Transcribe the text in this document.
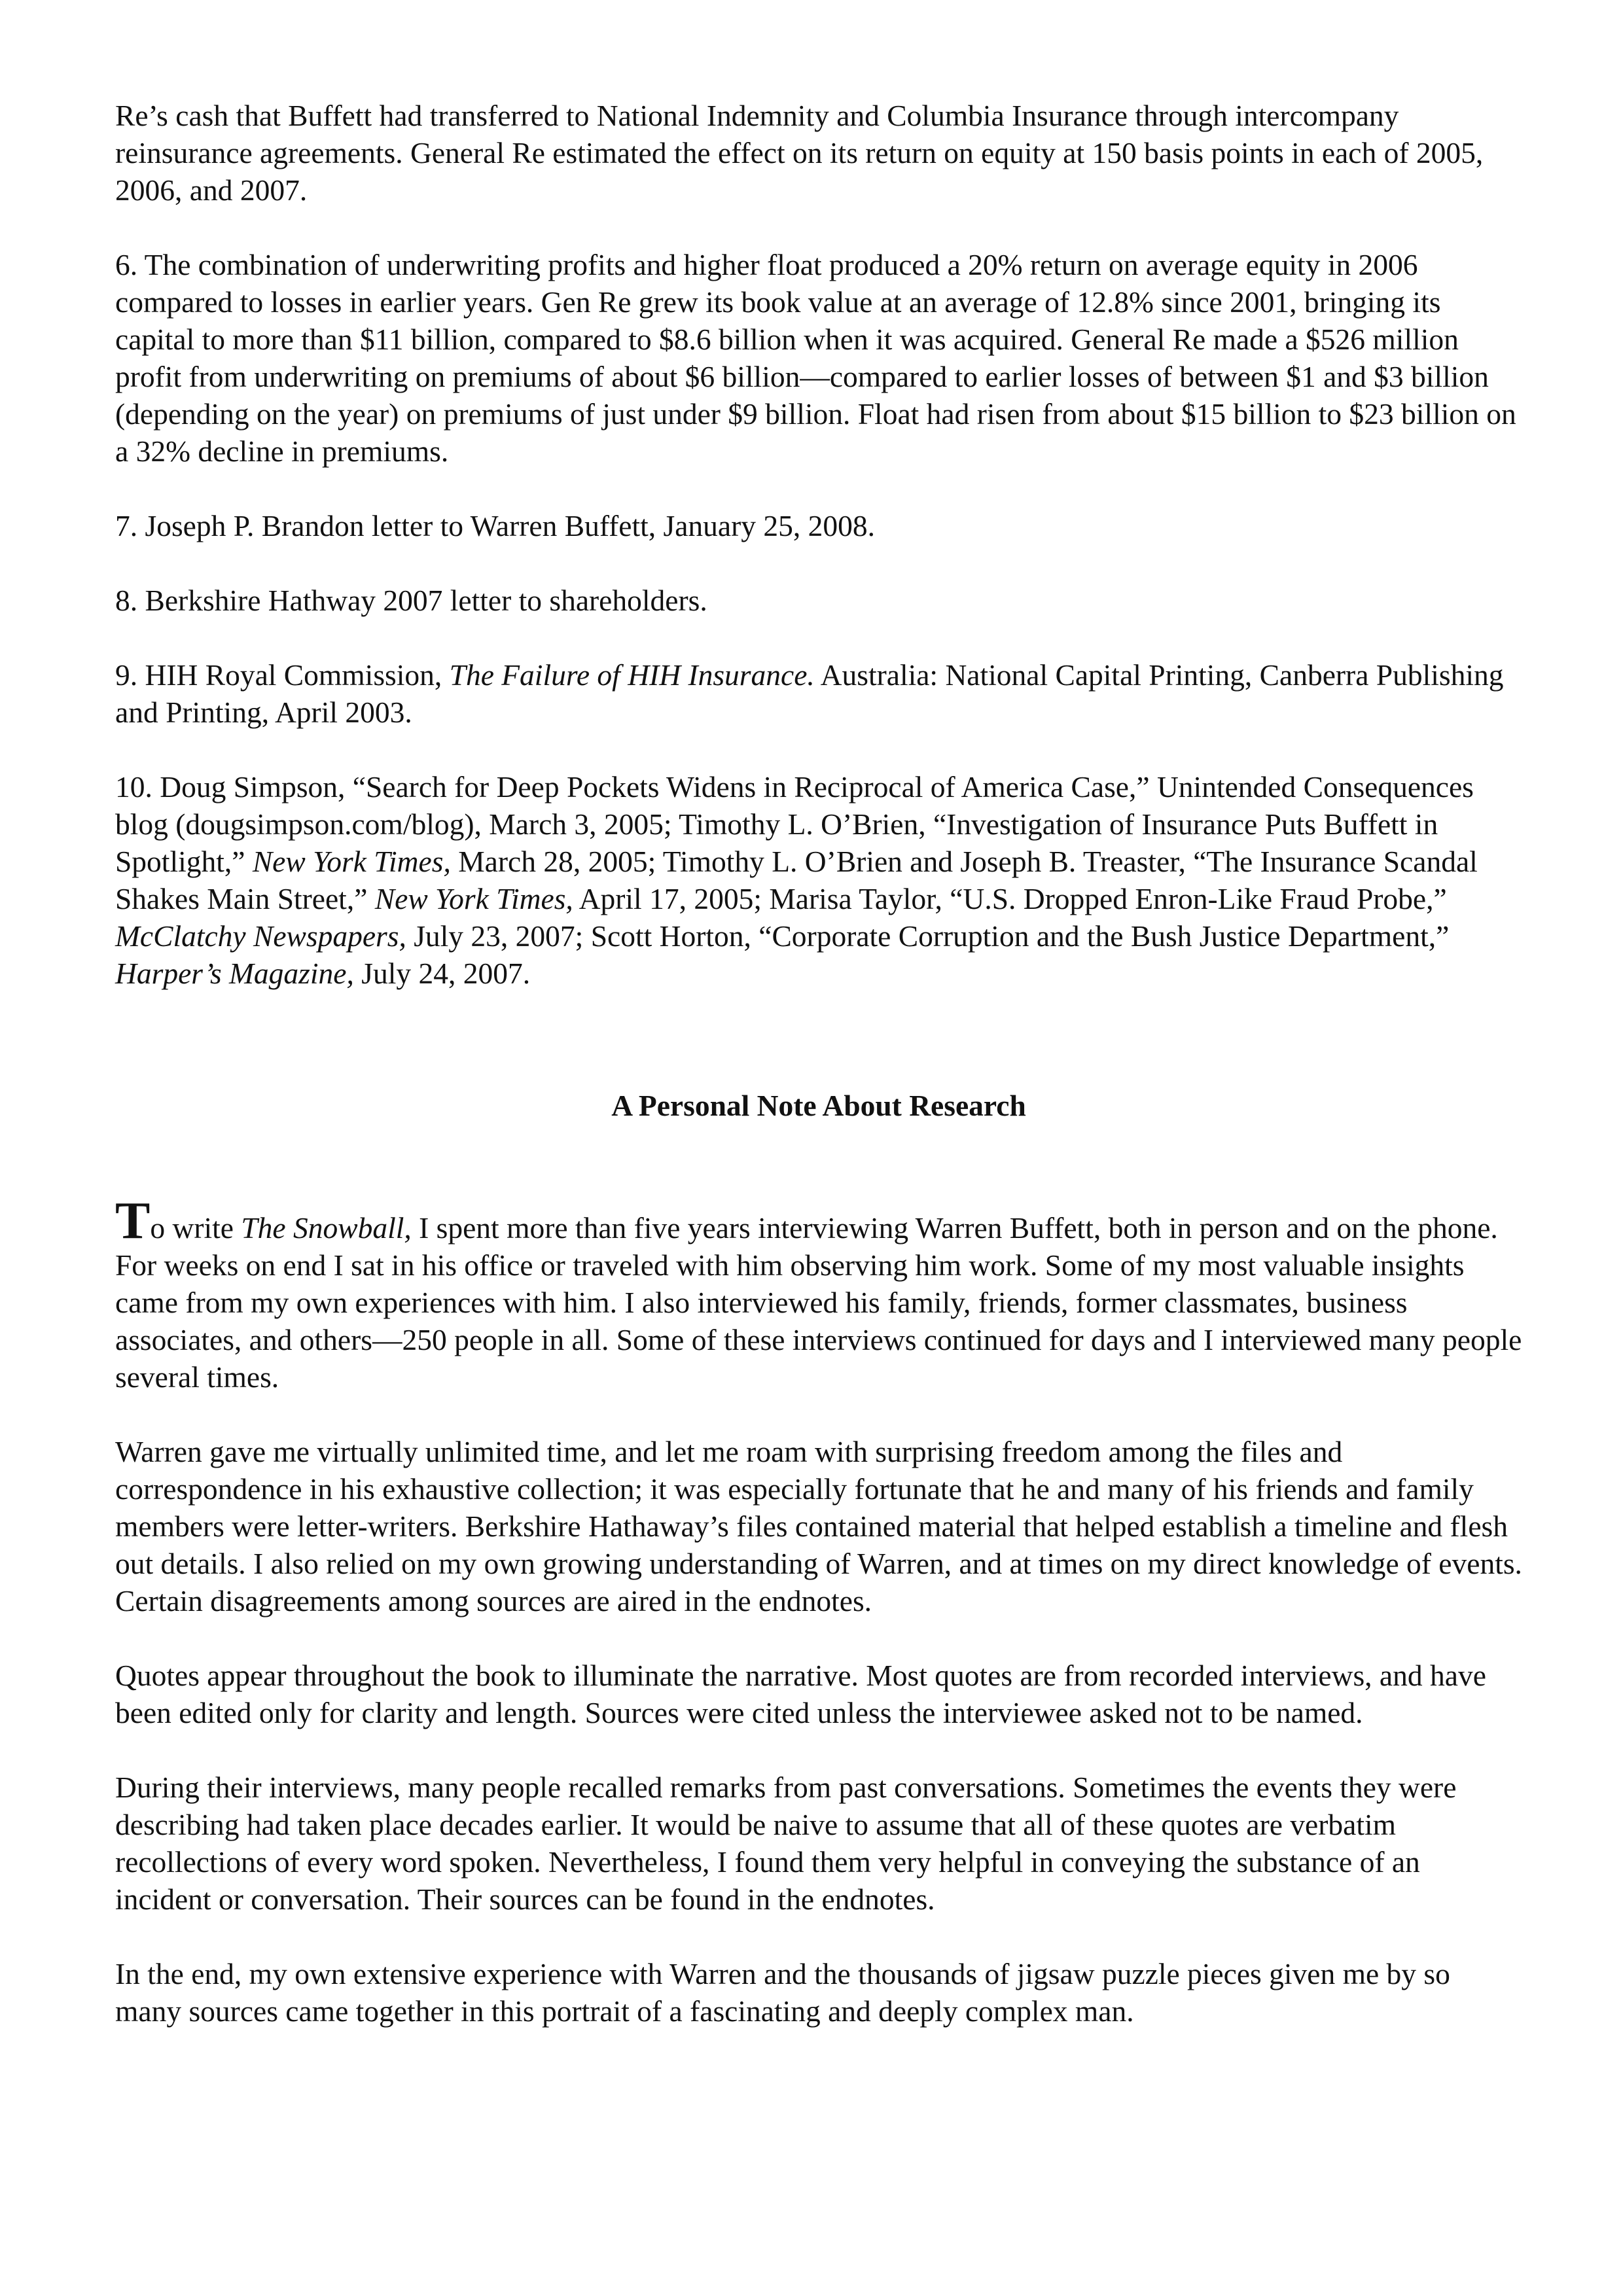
Re’s cash that Buffett had transferred to National Indemnity and Columbia Insurance through intercompany reinsurance agreements. General Re estimated the effect on its return on equity at 150 basis points in each of 2005, 2006, and 2007.

6. The combination of underwriting profits and higher float produced a 20% return on average equity in 2006 compared to losses in earlier years. Gen Re grew its book value at an average of 12.8% since 2001, bringing its capital to more than $11 billion, compared to $8.6 billion when it was acquired. General Re made a $526 million profit from underwriting on premiums of about $6 billion—compared to earlier losses of between $1 and $3 billion (depending on the year) on premiums of just under $9 billion. Float had risen from about $15 billion to $23 billion on a 32% decline in premiums.

7. Joseph P. Brandon letter to Warren Buffett, January 25, 2008.

8. Berkshire Hathway 2007 letter to shareholders.

9. HIH Royal Commission, The Failure of HIH Insurance. Australia: National Capital Printing, Canberra Publishing and Printing, April 2003.

10. Doug Simpson, “Search for Deep Pockets Widens in Reciprocal of America Case,” Unintended Consequences blog (dougsimpson.com/blog), March 3, 2005; Timothy L. O’Brien, “Investigation of Insurance Puts Buffett in Spotlight,” New York Times, March 28, 2005; Timothy L. O’Brien and Joseph B. Treaster, “The Insurance Scandal Shakes Main Street,” New York Times, April 17, 2005; Marisa Taylor, “U.S. Dropped Enron-Like Fraud Probe,” McClatchy Newspapers, July 23, 2007; Scott Horton, “Corporate Corruption and the Bush Justice Department,” Harper’s Magazine, July 24, 2007.

A Personal Note About Research

To write The Snowball, I spent more than five years interviewing Warren Buffett, both in person and on the phone. For weeks on end I sat in his office or traveled with him observing him work. Some of my most valuable insights came from my own experiences with him. I also interviewed his family, friends, former classmates, business associates, and others—250 people in all. Some of these interviews continued for days and I interviewed many people several times.

Warren gave me virtually unlimited time, and let me roam with surprising freedom among the files and correspondence in his exhaustive collection; it was especially fortunate that he and many of his friends and family members were letter-writers. Berkshire Hathaway’s files contained material that helped establish a timeline and flesh out details. I also relied on my own growing understanding of Warren, and at times on my direct knowledge of events. Certain disagreements among sources are aired in the endnotes.

Quotes appear throughout the book to illuminate the narrative. Most quotes are from recorded interviews, and have been edited only for clarity and length. Sources were cited unless the interviewee asked not to be named.

During their interviews, many people recalled remarks from past conversations. Sometimes the events they were describing had taken place decades earlier. It would be naive to assume that all of these quotes are verbatim recollections of every word spoken. Nevertheless, I found them very helpful in conveying the substance of an incident or conversation. Their sources can be found in the endnotes.

In the end, my own extensive experience with Warren and the thousands of jigsaw puzzle pieces given me by so many sources came together in this portrait of a fascinating and deeply complex man.
